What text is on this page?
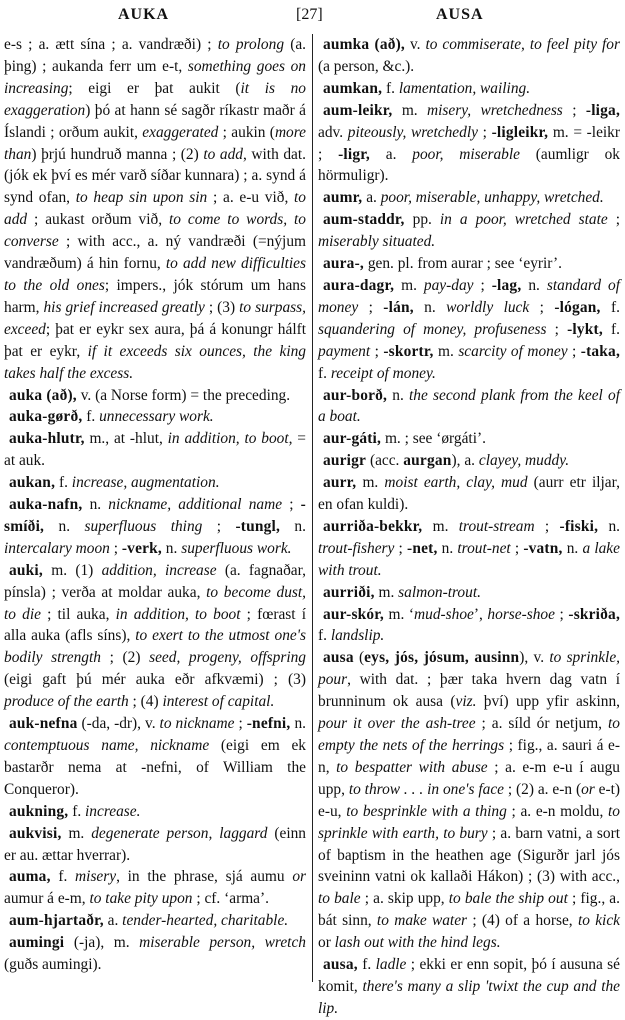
AUKA	[27]	AUSA

e-s ; a. ætt sína ; a. vandræði) ; to prolong (a. þing) ; aukanda ferr um e-t, something goes on increasing; eigi er þat aukit (it is no exaggeration) þó at hann sé sagðr ríkastr maðr á Íslandi ; orðum aukit, exaggerated ; aukin (more than) þrjú hundruð manna ; (2) to add, with dat. (jók ek því es mér varð síðar kunnara) ; a. synd á synd ofan, to heap sin upon sin ; a. e-u við, to add ; aukast orðum við, to come to words, to converse ; with acc., a. ný vandræði (=nýjum vandræðum) á hin fornu, to add new difficulties to the old ones; impers., jók stórum um hans harm, his grief increased greatly ; (3) to surpass, exceed; þat er eykr sex aura, þá á konungr hálft þat er eykr, if it exceeds six ounces, the king takes half the excess.

auka (að), v. (a Norse form) = the preceding.

auka-gørð, f. unnecessary work.

auka-hlutr, m., at -hlut, in addition, to boot, = at auk.

aukan, f. increase, augmentation.

auka-nafn, n. nickname, additional name ; -smíði, n. superfluous thing ; -tungl, n. intercalary moon ; -verk, n. superfluous work.

auki, m. (1) addition, increase (a. fagnaðar, pínsla) ; verða at moldar auka, to become dust, to die ; til auka, in addition, to boot ; fœrast í alla auka (afls síns), to exert to the utmost one's bodily strength ; (2) seed, progeny, offspring (eigi gaft þú mér auka eðr afkvæmi) ; (3) produce of the earth ; (4) interest of capital.

auk-nefna (-da, -dr), v. to nickname ; -nefni, n. contemptuous name, nickname (eigi em ek bastarðr nema at -nefni, of William the Conqueror).

aukning, f. increase.

aukvisi, m. degenerate person, laggard (einn er au. ættar hverrar).

auma, f. misery, in the phrase, sjá aumu or aumur á e-m, to take pity upon ; cf. ‘arma’.

aum-hjartaðr, a. tender-hearted, charitable.

aumingi (-ja), m. miserable person, wretch (guðs aumingi).

aumka (að), v. to commiserate, to feel pity for (a person, &c.).

aumkan, f. lamentation, wailing.

aum-leikr, m. misery, wretchedness ; -liga, adv. piteously, wretchedly ; -ligleikr, m. = -leikr ; -ligr, a. poor, miserable (aumligr ok hörmuligr).

aumr, a. poor, miserable, unhappy, wretched.

aum-staddr, pp. in a poor, wretched state ; miserably situated.

aura-, gen. pl. from aurar ; see ‘eyrir’.

aura-dagr, m. pay-day ; -lag, n. standard of money ; -lán, n. worldly luck ; -lógan, f. squandering of money, profuseness ; -lykt, f. payment ; -skortr, m. scarcity of money ; -taka, f. receipt of money.

aur-borð, n. the second plank from the keel of a boat.

aur-gáti, m. ; see ‘ørgáti’.

aurigr (acc. aurgan), a. clayey, muddy.

aurr, m. moist earth, clay, mud (aurr etr iljar, en ofan kuldi).

aurriða-bekkr, m. trout-stream ; -fiski, n. trout-fishery ; -net, n. trout-net ; -vatn, n. a lake with trout.

aurriði, m. salmon-trout.

aur-skór, m. ‘mud-shoe’, horse-shoe ; -skriða, f. landslip.

ausa (eys, jós, jósum, ausinn), v. to sprinkle, pour, with dat. ; þær taka hvern dag vatn í brunninum ok ausa (viz. því) upp yfir askinn, pour it over the ash-tree ; a. síld ór netjum, to empty the nets of the herrings ; fig., a. sauri á e-n, to bespatter with abuse ; a. e-m e-u í augu upp, to throw . . . in one's face ; (2) a. e-n (or e-t) e-u, to besprinkle with a thing ; a. e-n moldu, to sprinkle with earth, to bury ; a. barn vatni, a sort of baptism in the heathen age (Sigurðr jarl jós sveininn vatni ok kallaði Hákon) ; (3) with acc., to bale ; a. skip upp, to bale the ship out ; fig., a. bát sinn, to make water ; (4) of a horse, to kick or lash out with the hind legs.

ausa, f. ladle ; ekki er enn sopit, þó í ausuna sé komit, there's many a slip 'twixt the cup and the lip.
